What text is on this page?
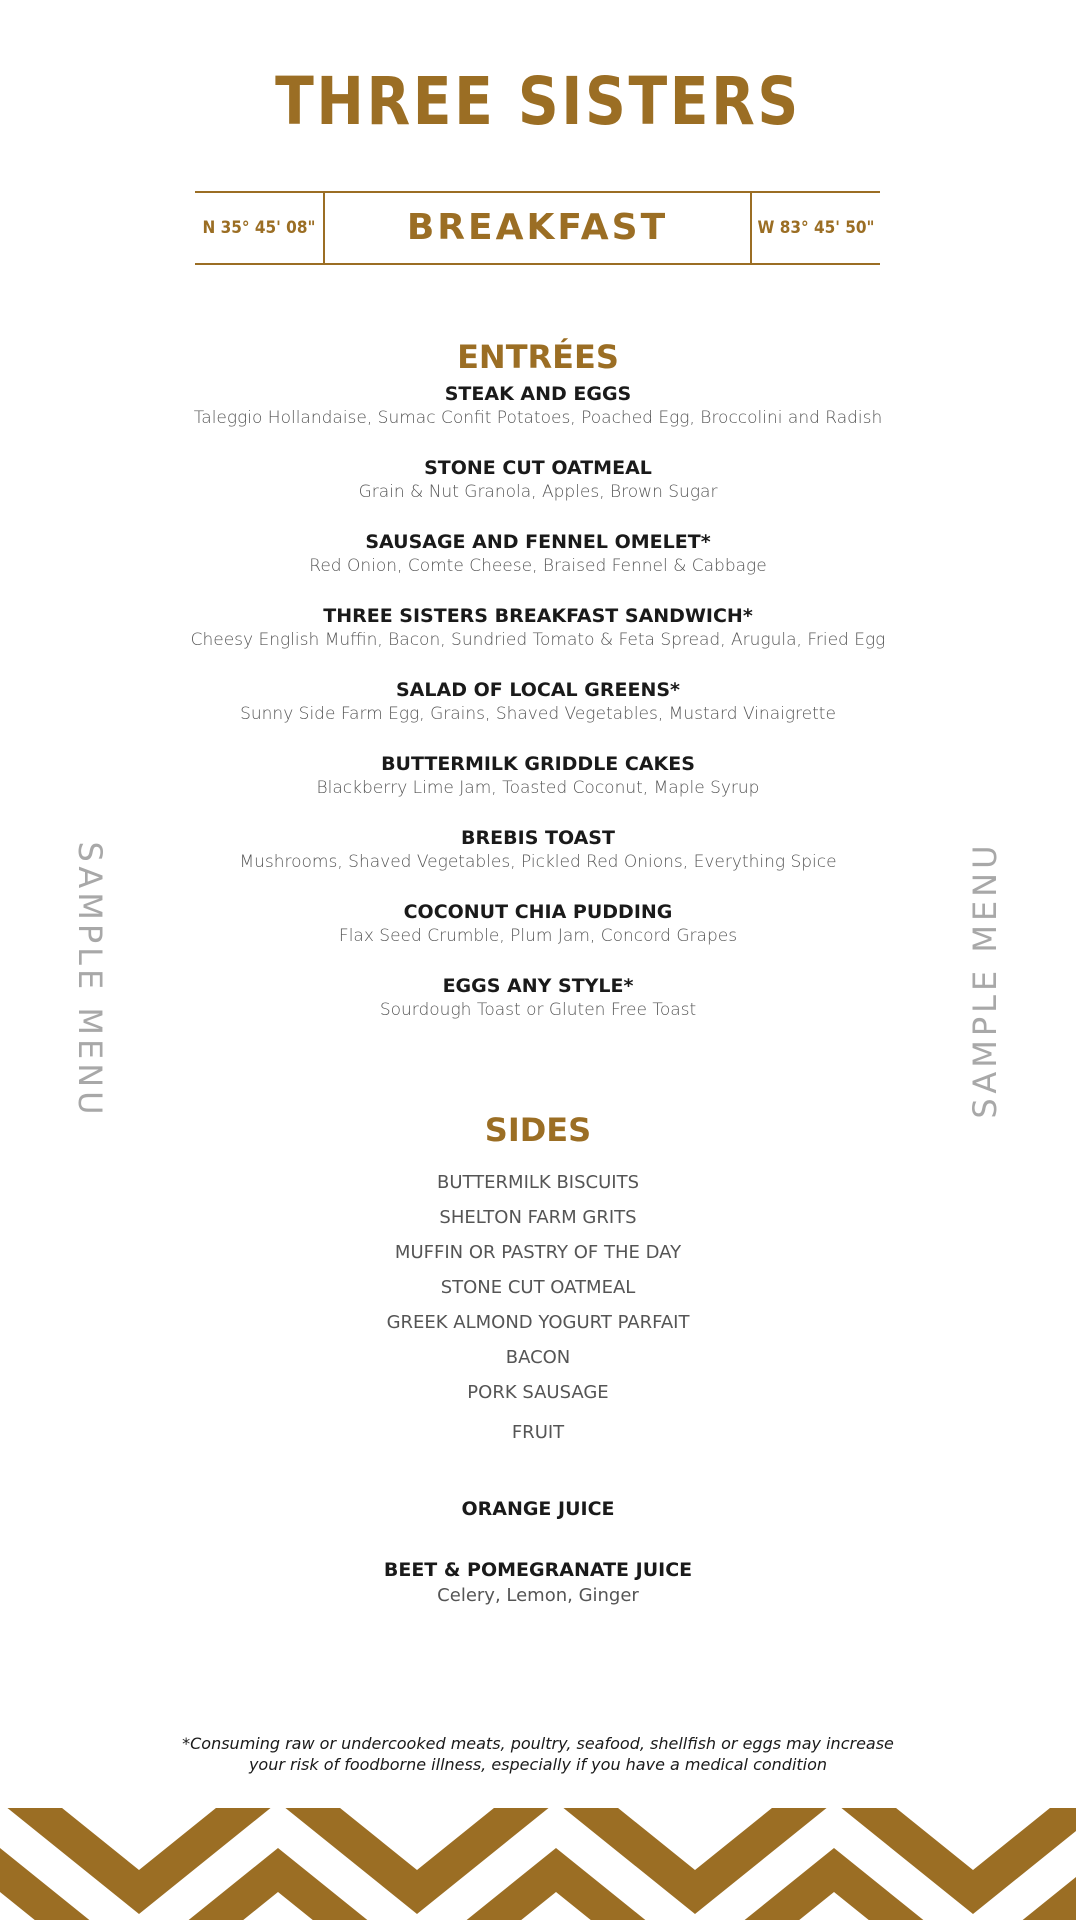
THREE SISTERS
N 35° 45' 08"	BREAKFAST	W 83° 45' 50"
ENTRÉES
STEAK AND EGGS
Taleggio Hollandaise, Sumac Confit Potatoes, Poached Egg, Broccolini and Radish
STONE CUT OATMEAL
Grain & Nut Granola, Apples, Brown Sugar
SAUSAGE AND FENNEL OMELET*
Red Onion, Comte Cheese, Braised Fennel & Cabbage
THREE SISTERS BREAKFAST SANDWICH*
Cheesy English Muffin, Bacon, Sundried Tomato & Feta Spread, Arugula, Fried Egg
SALAD OF LOCAL GREENS*
Sunny Side Farm Egg, Grains, Shaved Vegetables, Mustard Vinaigrette
BUTTERMILK GRIDDLE CAKES
Blackberry Lime Jam, Toasted Coconut, Maple Syrup
BREBIS TOAST
Mushrooms, Shaved Vegetables, Pickled Red Onions, Everything Spice
COCONUT CHIA PUDDING
Flax Seed Crumble, Plum Jam, Concord Grapes
EGGS ANY STYLE*
Sourdough Toast or Gluten Free Toast
SIDES
BUTTERMILK BISCUITS
SHELTON FARM GRITS
MUFFIN OR PASTRY OF THE DAY
STONE CUT OATMEAL
GREEK ALMOND YOGURT PARFAIT
BACON
PORK SAUSAGE
FRUIT
ORANGE JUICE
BEET & POMEGRANATE JUICE
Celery, Lemon, Ginger
SAMPLE MENU	SAMPLE MENU
*Consuming raw or undercooked meats, poultry, seafood, shellfish or eggs may increase
your risk of foodborne illness, especially if you have a medical condition
